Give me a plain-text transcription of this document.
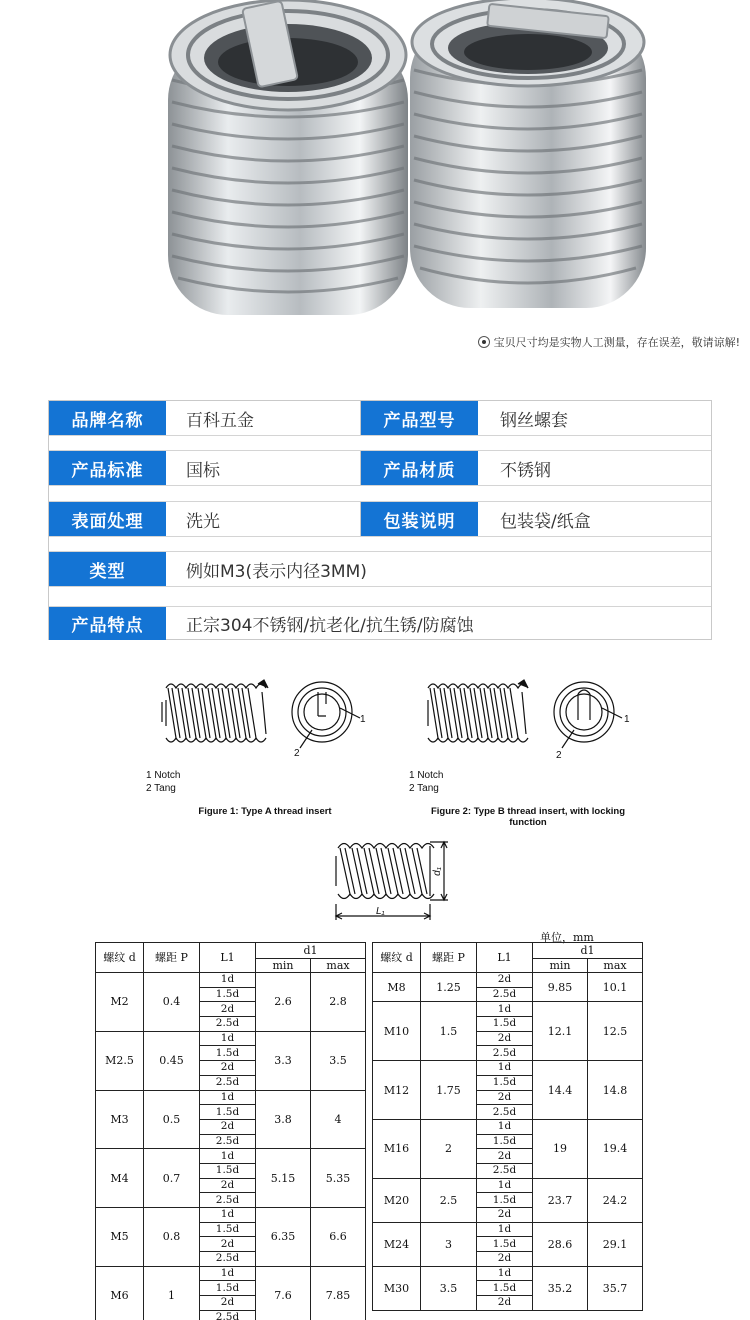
宝贝尺寸均是实物人工测量，存在误差，敬请谅解!
品牌名称	百科五金	产品型号	钢丝螺套
产品标准	国标	产品材质	不锈钢
表面处理	洗光	包装说明	包装袋/纸盒
类型	例如M3(表示内径3MM)
产品特点	正宗304不锈钢/抗老化/抗生锈/防腐蚀
1
2
1
2
1 Notch
2 Tang
1 Notch
2 Tang
Figure 1: Type A thread insert	Figure 2: Type B thread insert, with locking function
d₁
L₁
单位，mm
螺纹 d	螺距 P	L1	d1	
			min	max
M2	0.4	1d	2.6	2.8
		1.5d		
		2d		
		2.5d		
M2.5	0.45	1d	3.3	3.5
		1.5d		
		2d		
		2.5d		
M3	0.5	1d	3.8	4
		1.5d		
		2d		
		2.5d		
M4	0.7	1d	5.15	5.35
		1.5d		
		2d		
		2.5d		
M5	0.8	1d	6.35	6.6
		1.5d		
		2d		
		2.5d		
M6	1	1d	7.6	7.85
		1.5d		
		2d		
		2.5d		
螺纹 d	螺距 P	L1	d1	
			min	max
M8	1.25	2d	9.85	10.1
		2.5d		
M10	1.5	1d	12.1	12.5
		1.5d		
		2d		
		2.5d		
M12	1.75	1d	14.4	14.8
		1.5d		
		2d		
		2.5d		
M16	2	1d	19	19.4
		1.5d		
		2d		
		2.5d		
M20	2.5	1d	23.7	24.2
		1.5d		
		2d		
M24	3	1d	28.6	29.1
		1.5d		
		2d		
M30	3.5	1d	35.2	35.7
		1.5d		
		2d		
